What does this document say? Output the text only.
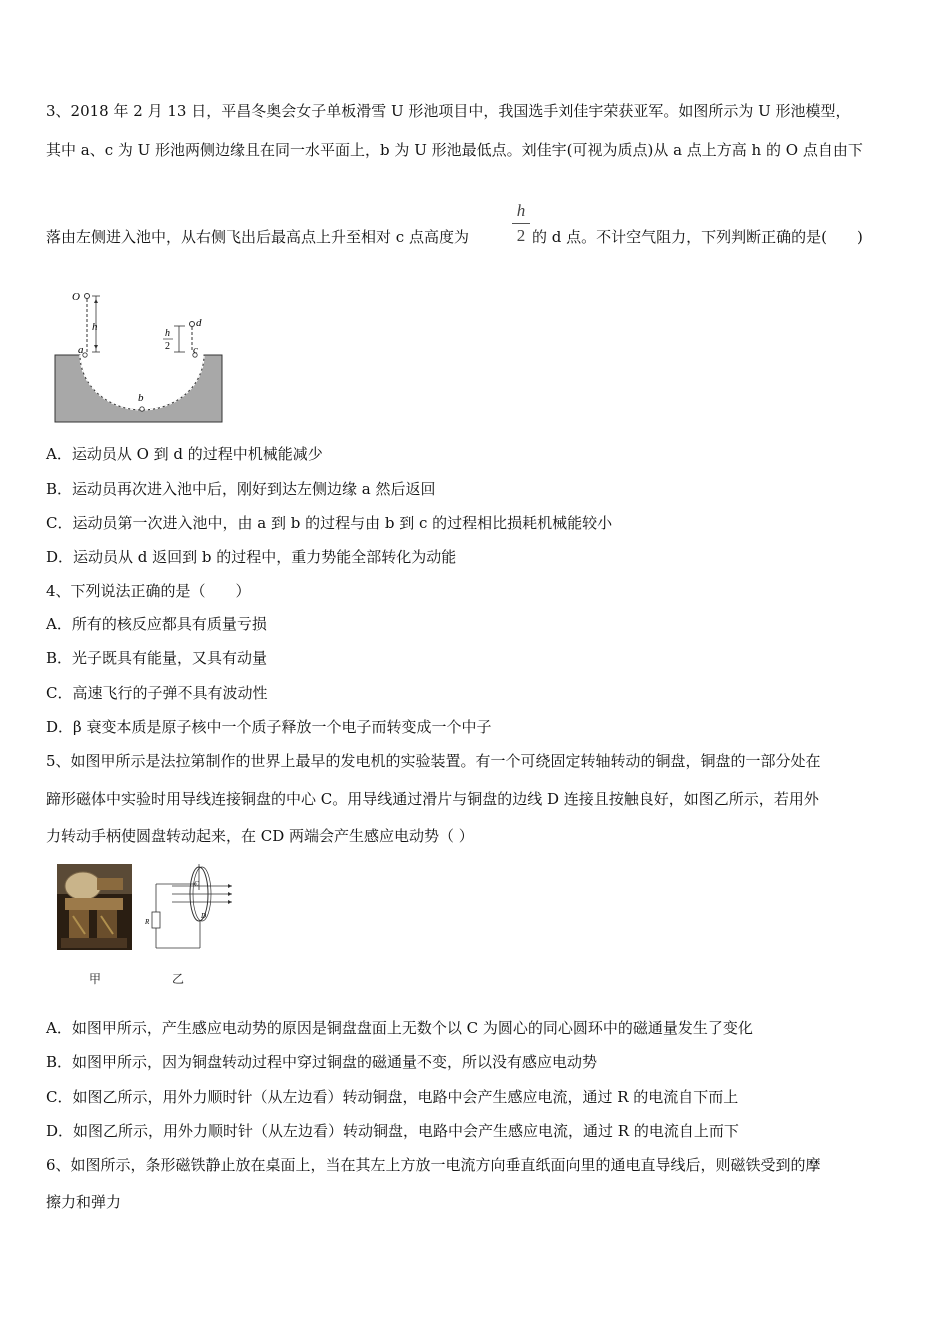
3、2018 年 2 月 13 日，平昌冬奥会女子单板滑雪 U 形池项目中，我国选手刘佳宇荣获亚军。如图所示为 U 形池模型，
其中 a、c 为 U 形池两侧边缘且在同一水平面上，b 为 U 形池最低点。刘佳宇(可视为质点)从 a 点上方高 h 的 O 点自由下
落由左侧进入池中，从右侧飞出后最高点上升至相对 c 点高度为
h
2 的 d 点。不计空气阻力，下列判断正确的是(　　)
O
h
h
2
d
a	c
b
A．运动员从 O 到 d 的过程中机械能减少
B．运动员再次进入池中后，刚好到达左侧边缘 a 然后返回
C．运动员第一次进入池中，由 a 到 b 的过程与由 b 到 c 的过程相比损耗机械能较小
D．运动员从 d 返回到 b 的过程中，重力势能全部转化为动能
4、下列说法正确的是（　　）
A．所有的核反应都具有质量亏损
B．光子既具有能量，又具有动量
C．高速飞行的子弹不具有波动性
D．β 衰变本质是原子核中一个质子释放一个电子而转变成一个中子
5、如图甲所示是法拉第制作的世界上最早的发电机的实验装置。有一个可绕固定转轴转动的铜盘，铜盘的一部分处在
蹄形磁体中实验时用导线连接铜盘的中心 C。用导线通过滑片与铜盘的边线 D 连接且按触良好，如图乙所示，若用外
力转动手柄使圆盘转动起来，在 CD 两端会产生感应电动势（ ）
甲
C
D
R
乙
A．如图甲所示，产生感应电动势的原因是铜盘盘面上无数个以 C 为圆心的同心圆环中的磁通量发生了变化
B．如图甲所示，因为铜盘转动过程中穿过铜盘的磁通量不变，所以没有感应电动势
C．如图乙所示，用外力顺时针（从左边看）转动铜盘，电路中会产生感应电流，通过 R 的电流自下而上
D．如图乙所示，用外力顺时针（从左边看）转动铜盘，电路中会产生感应电流，通过 R 的电流自上而下
6、如图所示，条形磁铁静止放在桌面上，当在其左上方放一电流方向垂直纸面向里的通电直导线后，则磁铁受到的摩
擦力和弹力
